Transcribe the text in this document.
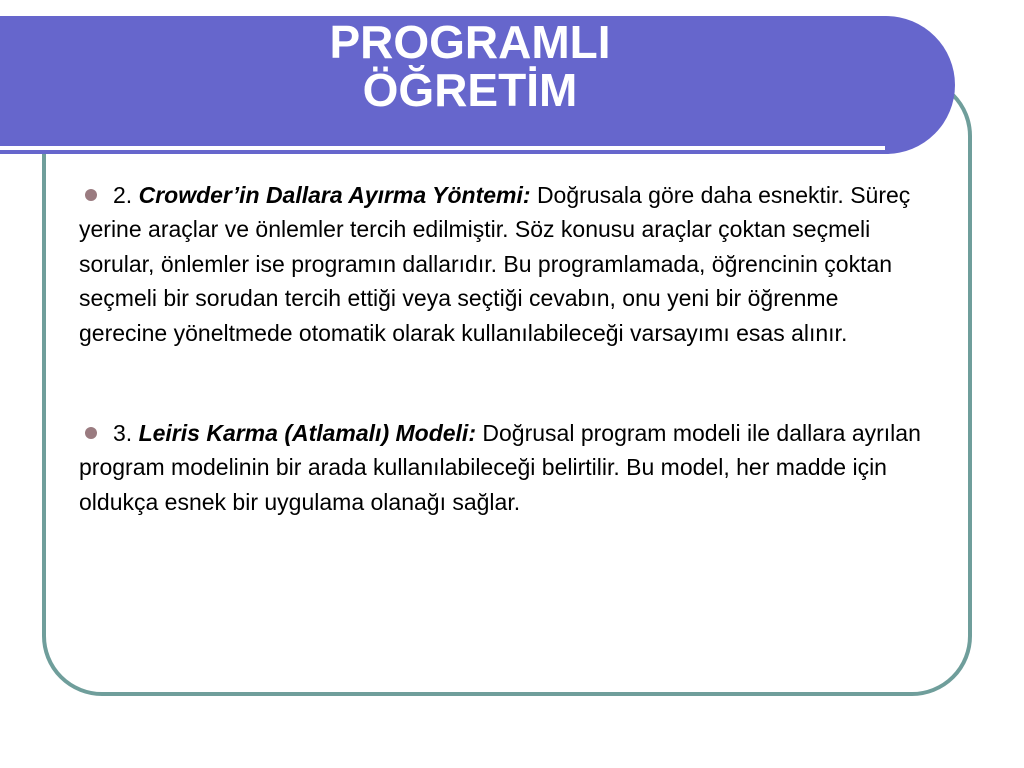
PROGRAMLI
ÖĞRETİM
2. Crowder’in Dallara Ayırma Yöntemi: Doğrusala göre daha esnektir. Süreç yerine araçlar ve önlemler tercih edilmiştir. Söz konusu araçlar çoktan seçmeli sorular, önlemler ise programın dallarıdır. Bu programlamada, öğrencinin çoktan seçmeli bir sorudan tercih ettiği veya seçtiği cevabın, onu yeni bir öğrenme gerecine yöneltmede otomatik olarak kullanılabileceği varsayımı esas alınır.
3. Leiris Karma (Atlamalı) Modeli: Doğrusal program modeli ile dallara ayrılan program modelinin bir arada kullanılabileceği belirtilir. Bu model, her madde için oldukça esnek bir uygulama olanağı sağlar.
